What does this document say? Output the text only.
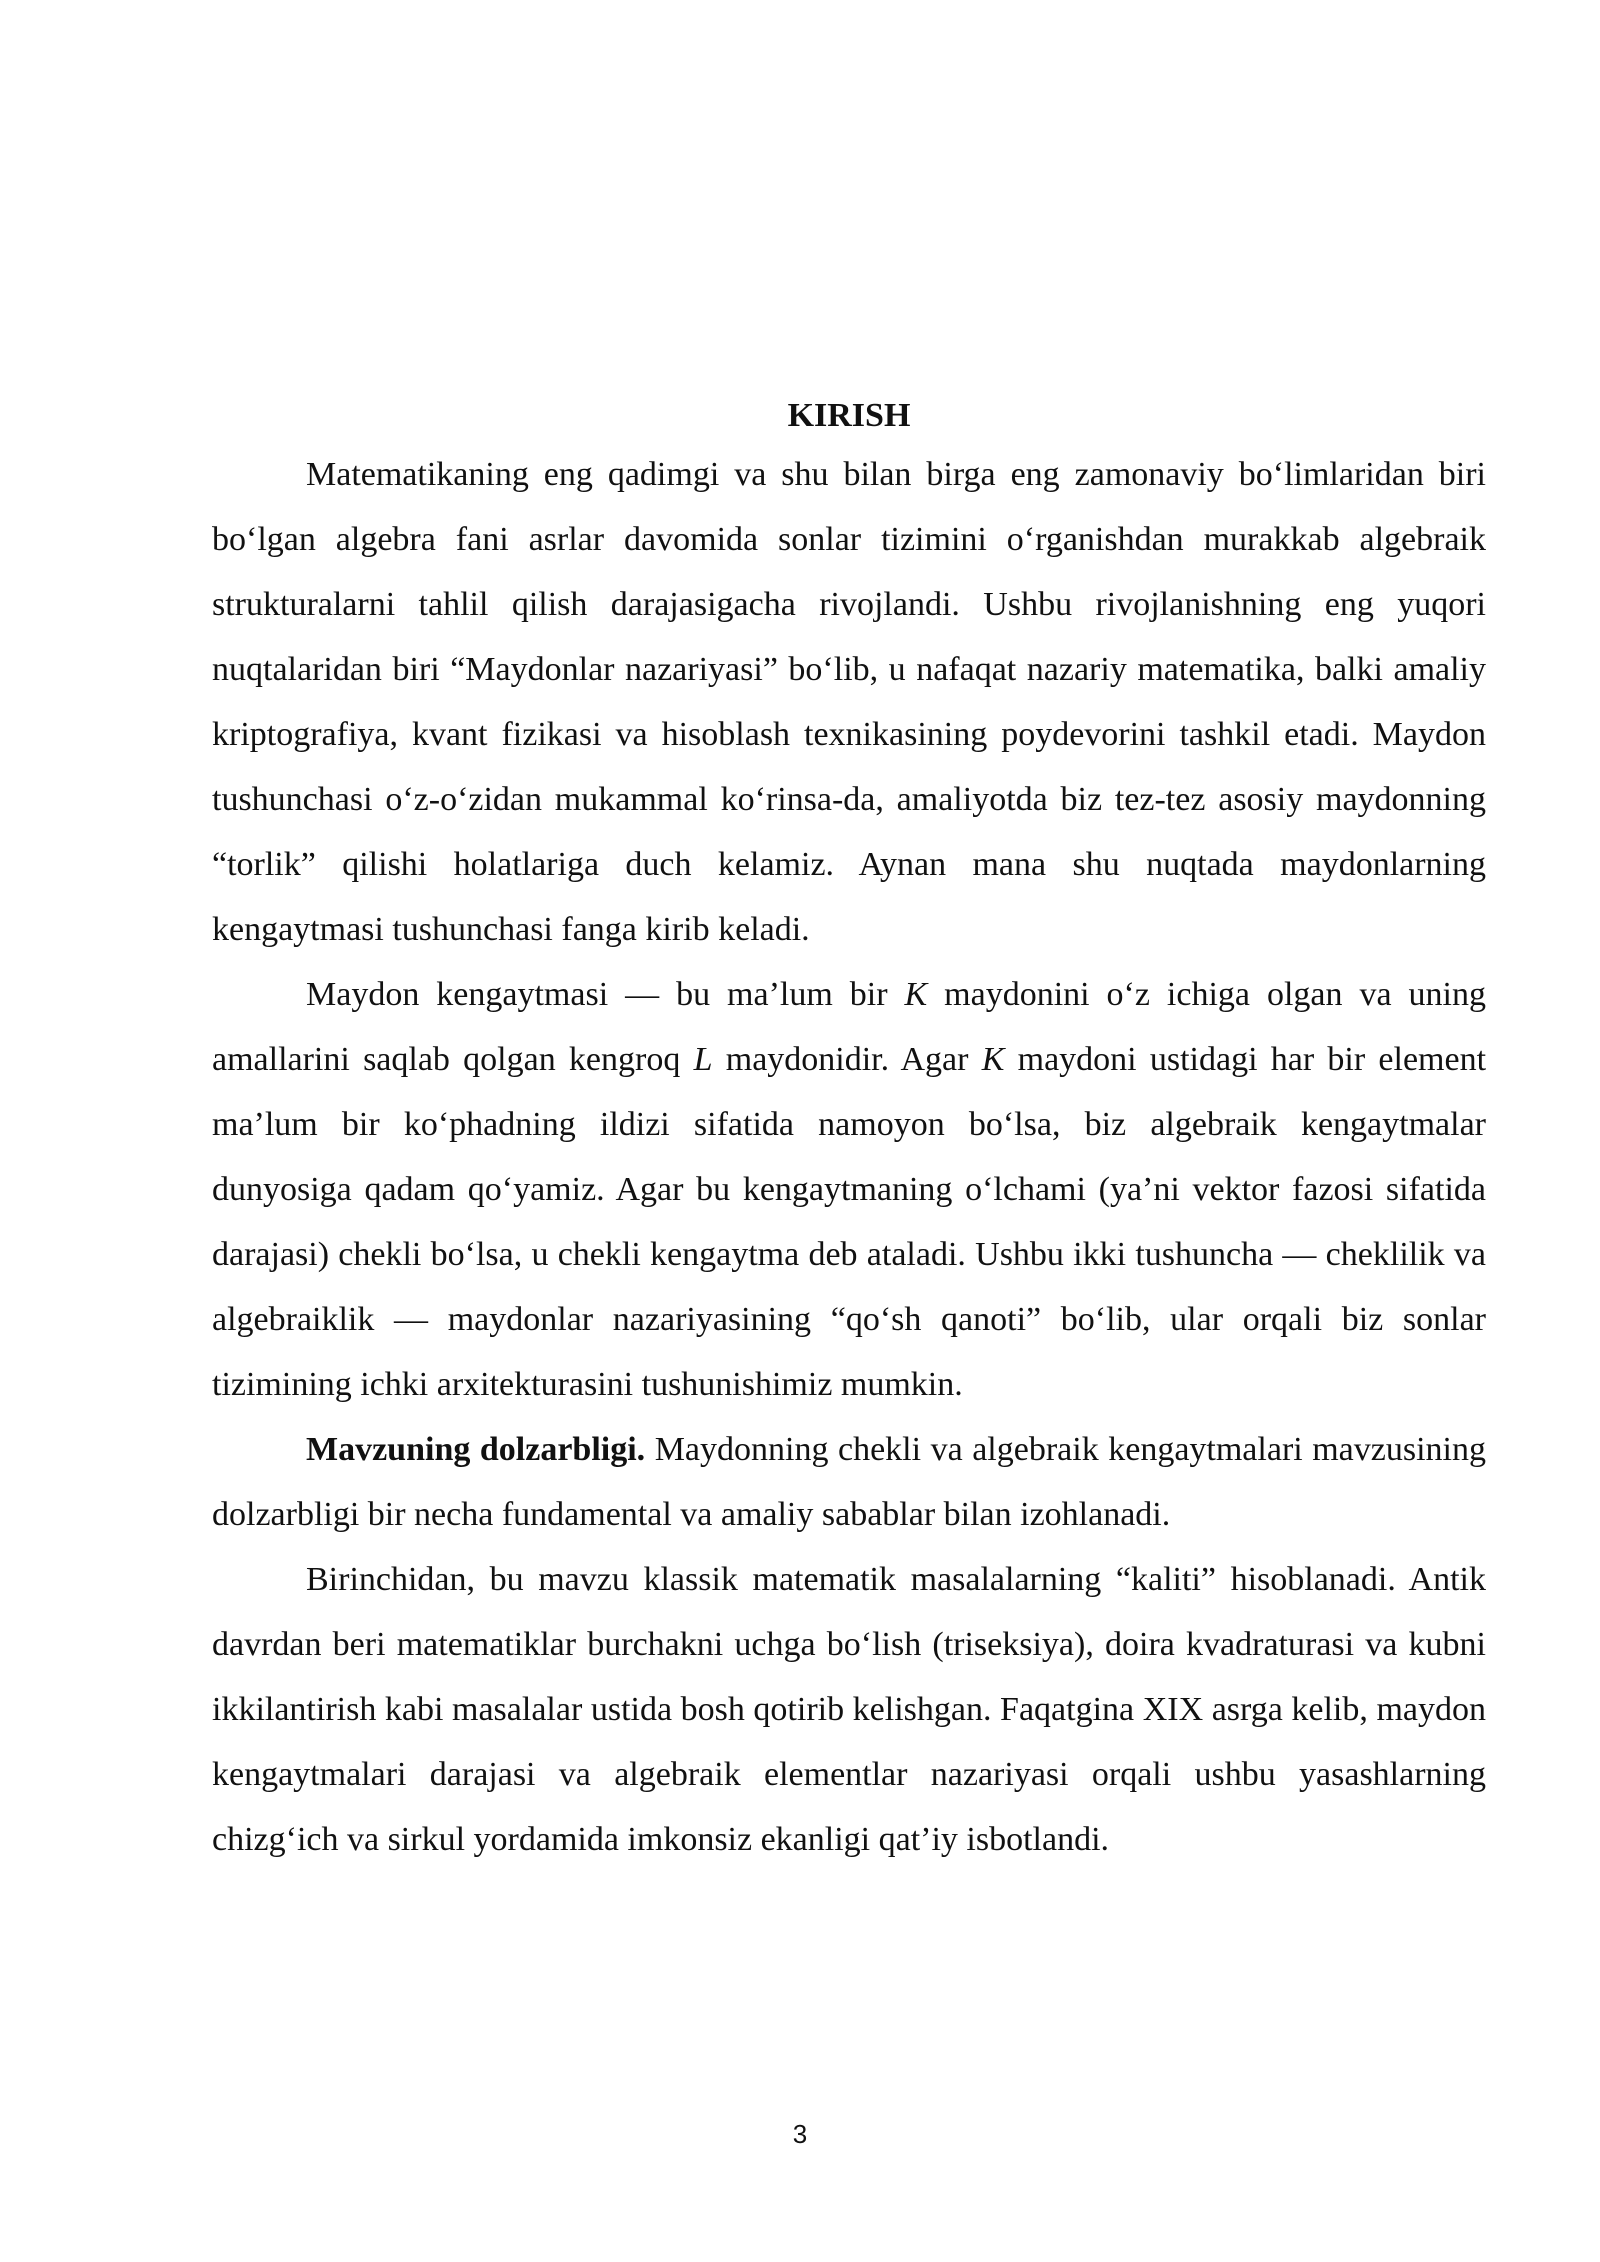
KIRISH

Matematikaning eng qadimgi va shu bilan birga eng zamonaviy boʻlimlaridan biri boʻlgan algebra fani asrlar davomida sonlar tizimini oʻrganishdan murakkab algebraik strukturalarni tahlil qilish darajasigacha rivojlandi. Ushbu rivojlanishning eng yuqori nuqtalaridan biri “Maydonlar nazariyasi” boʻlib, u nafaqat nazariy matematika, balki amaliy kriptografiya, kvant fizikasi va hisoblash texnikasining poydevorini tashkil etadi. Maydon tushunchasi oʻz-oʻzidan mukammal koʻrinsa-da, amaliyotda biz tez-tez asosiy maydonning “torlik” qilishi holatlariga duch kelamiz. Aynan mana shu nuqtada maydonlarning kengaytmasi tushunchasi fanga kirib keladi.

Maydon kengaytmasi — bu ma’lum bir K maydonini oʻz ichiga olgan va uning amallarini saqlab qolgan kengroq L maydonidir. Agar K maydoni ustidagi har bir element ma’lum bir koʻphadning ildizi sifatida namoyon boʻlsa, biz algebraik kengaytmalar dunyosiga qadam qoʻyamiz. Agar bu kengaytmaning oʻlchami (ya’ni vektor fazosi sifatida darajasi) chekli boʻlsa, u chekli kengaytma deb ataladi. Ushbu ikki tushuncha — cheklilik va algebraiklik — maydonlar nazariyasining “qoʻsh qanoti” boʻlib, ular orqali biz sonlar tizimining ichki arxitekturasini tushunishimiz mumkin.

Mavzuning dolzarbligi. Maydonning chekli va algebraik kengaytmalari mavzusining dolzarbligi bir necha fundamental va amaliy sabablar bilan izohlanadi.

Birinchidan, bu mavzu klassik matematik masalalarning “kaliti” hisoblanadi. Antik davrdan beri matematiklar burchakni uchga boʻlish (triseksiya), doira kvadraturasi va kubni ikkilantirish kabi masalalar ustida bosh qotirib kelishgan. Faqatgina XIX asrga kelib, maydon kengaytmalari darajasi va algebraik elementlar nazariyasi orqali ushbu yasashlarning chizgʻich va sirkul yordamida imkonsiz ekanligi qat’iy isbotlandi.

3
